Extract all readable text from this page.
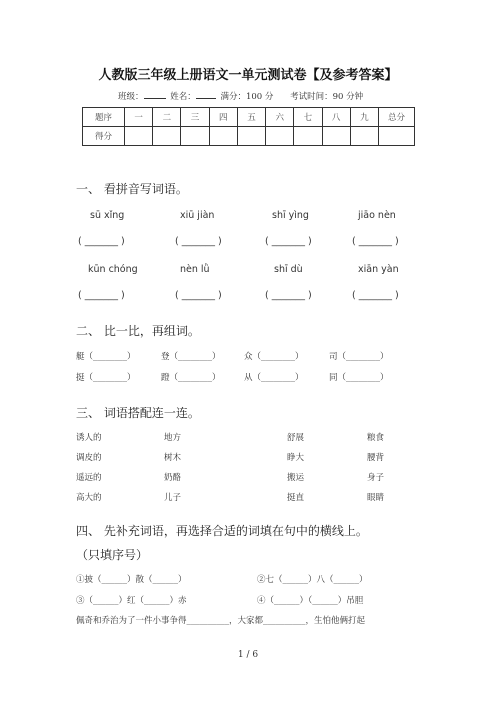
人教版三年级上册语文一单元测试卷【及参考答案】
班级：	姓名：	满分：100 分 考试时间：90 分钟
题序	一	二	三	四	五	六	七	八	九	总分
得分										
一、 看拼音写词语。
sū xǐng	xiū jiàn	shī yìng	jiāo nèn
( _______ )	( _______ )	( _______ )	( _______ )
kūn chóng	nèn lǜ	shī dù	xiān yàn
( _______ )	( _______ )	( _______ )	( _______ )
二、 比一比，再组词。
艇（________）	登（________）	众（________）	司（________）
挺（________）	蹬（________）	从（________）	同（________）
三、 词语搭配连一连。
诱人的	地方	舒展	粮食
调皮的	树木	睁大	腰背
遥远的	奶酪	搬运	身子
高大的	儿子	挺直	眼睛
四、 先补充词语，再选择合适的词填在句中的横线上。
（只填序号）
①披（______）散（______）	②七（______）八（______）
③（______）红（______）赤	④（______）（______）吊胆
佩奇和乔治为了一件小事争得__________，大家都__________，生怕他俩打起
1 / 6
